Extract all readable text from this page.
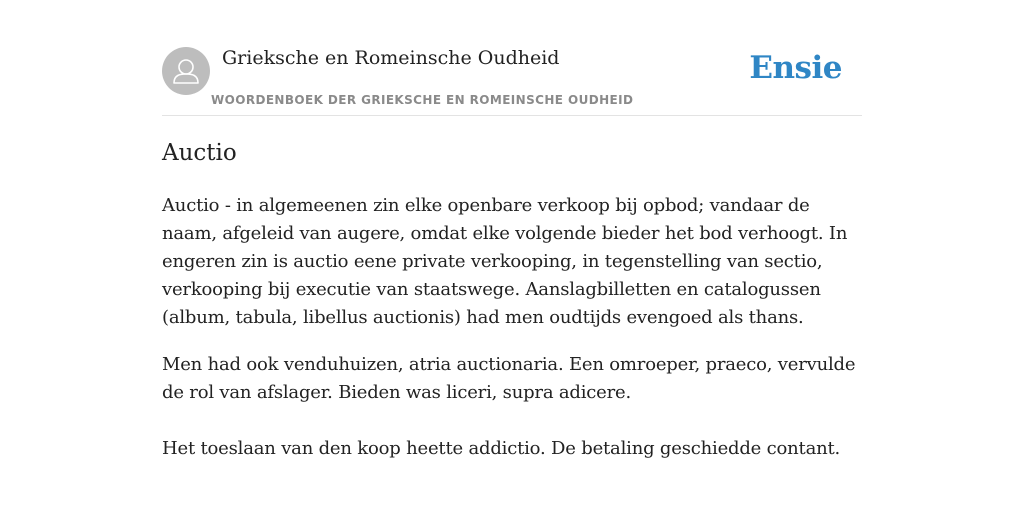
Grieksche en Romeinsche Oudheid
WOORDENBOEK DER GRIEKSCHE EN ROMEINSCHE OUDHEID
Ensie
Auctio

Auctio - in algemeenen zin elke openbare verkoop bij opbod; vandaar de naam, afgeleid van augere, omdat elke volgende bieder het bod verhoogt. In engeren zin is auctio eene private verkooping, in tegenstelling van sectio, verkooping bij executie van staatswege. Aanslagbilletten en catalogussen (album, tabula, libellus auctionis) had men oudtijds evengoed als thans.

Men had ook venduhuizen, atria auctionaria. Een omroeper, praeco, vervulde de rol van afslager. Bieden was liceri, supra adicere.

Het toeslaan van den koop heette addictio. De betaling geschiedde contant.
